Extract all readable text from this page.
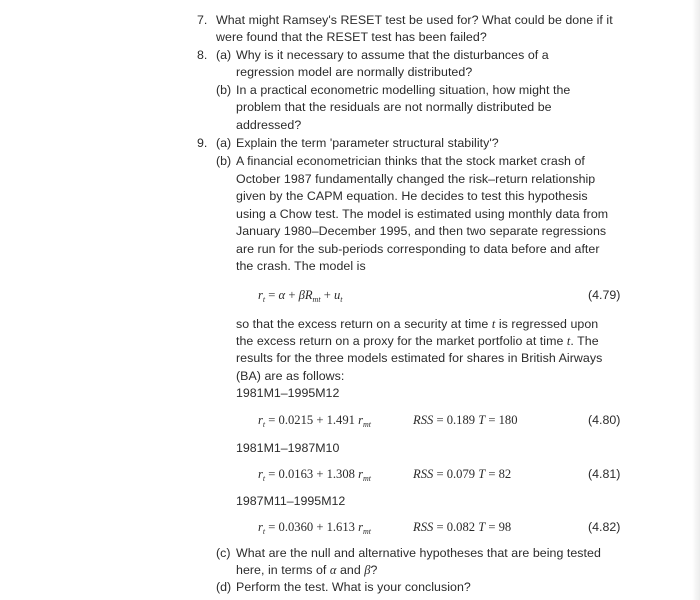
7. What might Ramsey's RESET test be used for? What could be done if it
were found that the RESET test has been failed?
8. (a) Why is it necessary to assume that the disturbances of a
regression model are normally distributed?
(b) In a practical econometric modelling situation, how might the
problem that the residuals are not normally distributed be
addressed?
9. (a) Explain the term 'parameter structural stability'?
(b) A financial econometrician thinks that the stock market crash of
October 1987 fundamentally changed the risk–return relationship
given by the CAPM equation. He decides to test this hypothesis
using a Chow test. The model is estimated using monthly data from
January 1980–December 1995, and then two separate regressions
are run for the sub-periods corresponding to data before and after
the crash. The model is
$r_t = \alpha + \beta R_{mt} + u_t$	(4.79)
so that the excess return on a security at time t is regressed upon
the excess return on a proxy for the market portfolio at time t. The
results for the three models estimated for shares in British Airways
(BA) are as follows:
1981M1–1995M12
$r_t = 0.0215 + 1.491$ $r_{mt}$	RSS = 0.189 T = 180	(4.80)
1981M1–1987M10
$r_t = 0.0163 + 1.308$ $r_{mt}$	RSS = 0.079 T = 82	(4.81)
1987M11–1995M12
$r_t = 0.0360 + 1.613$ $r_{mt}$	RSS = 0.082 T = 98	(4.82)
(c) What are the null and alternative hypotheses that are being tested
here, in terms of α and β?
(d) Perform the test. What is your conclusion?
